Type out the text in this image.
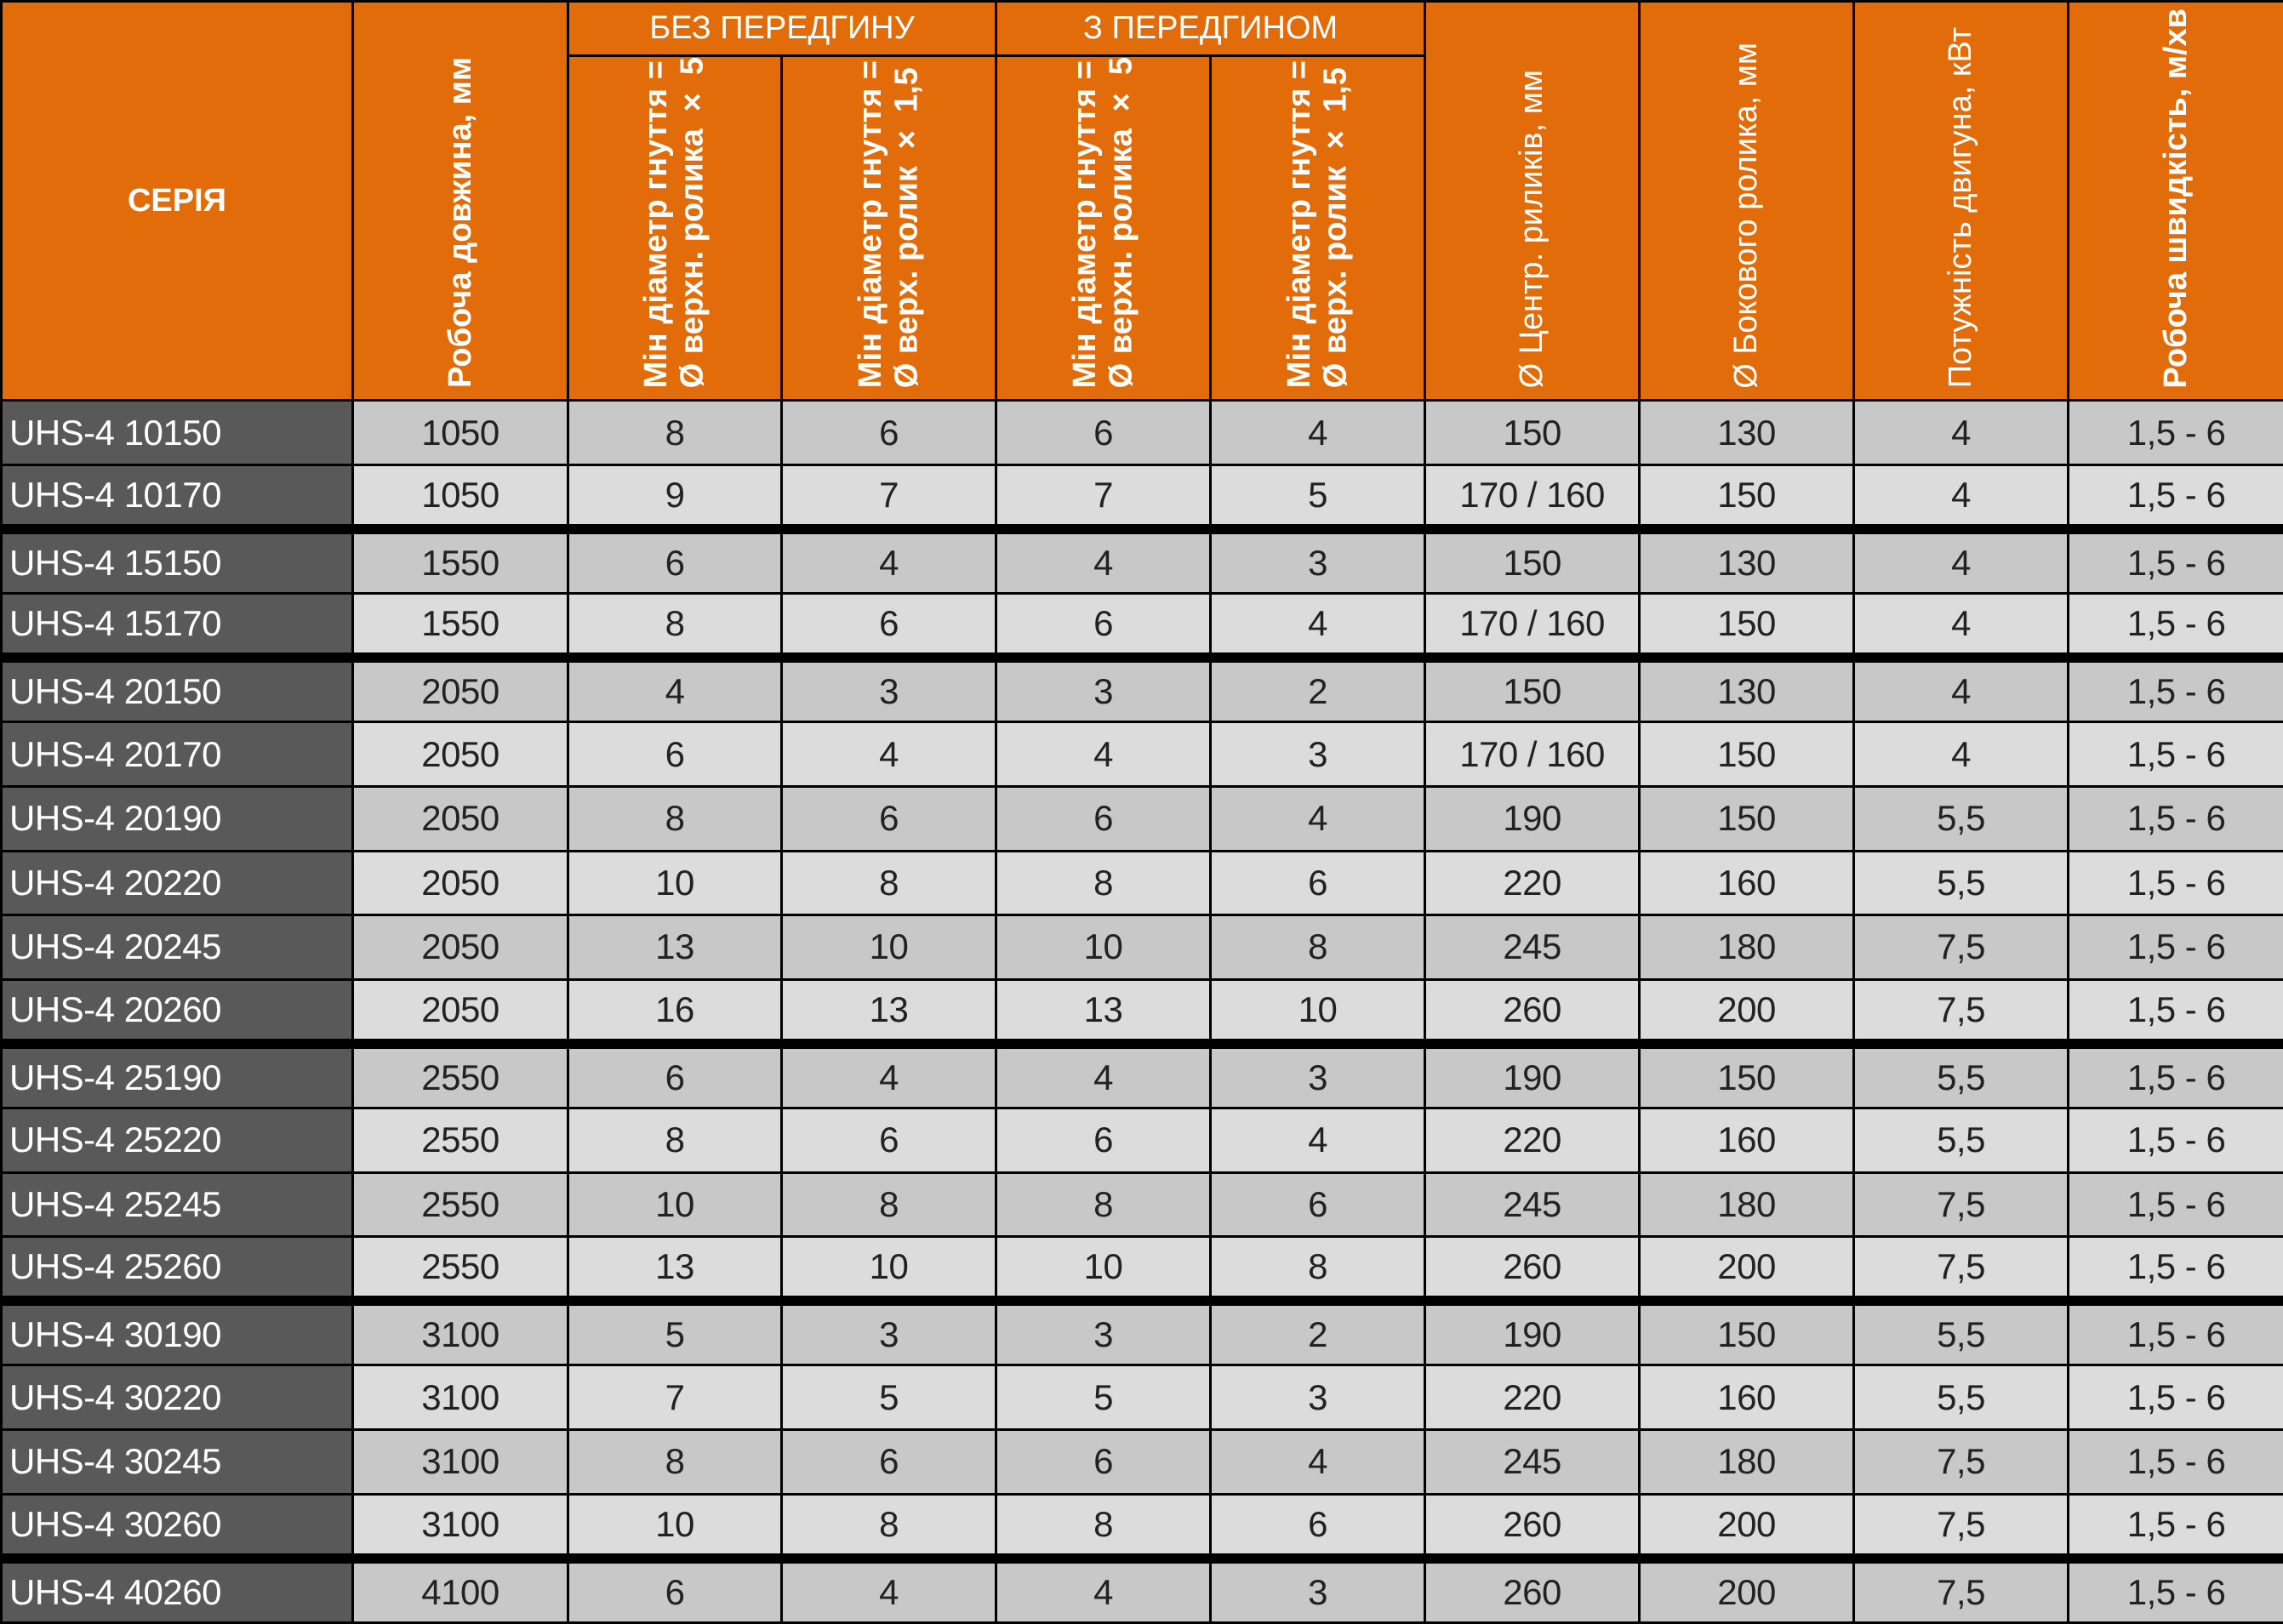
СЕРІЯ	Робоча довжина, мм	БЕЗ ПЕРЕДГИНУ		З ПЕРЕДГИНОМ		Ø Центр. риликів, мм	Ø Бокового ролика, мм	Потужність двигуна, кВт	Робоча швидкість, м/хв
		Мін діаметр гнуття =
Ø верхн. ролика × 5	Мін діаметр гнуття =
Ø верх. ролик × 1,5	Мін діаметр гнуття =
Ø верхн. ролика × 5	Мін діаметр гнуття =
Ø верх. ролик × 1,5				
UHS-4 10150	1050	8	6	6	4	150	130	4	1,5 - 6
UHS-4 10170	1050	9	7	7	5	170 / 160	150	4	1,5 - 6
UHS-4 15150	1550	6	4	4	3	150	130	4	1,5 - 6
UHS-4 15170	1550	8	6	6	4	170 / 160	150	4	1,5 - 6
UHS-4 20150	2050	4	3	3	2	150	130	4	1,5 - 6
UHS-4 20170	2050	6	4	4	3	170 / 160	150	4	1,5 - 6
UHS-4 20190	2050	8	6	6	4	190	150	5,5	1,5 - 6
UHS-4 20220	2050	10	8	8	6	220	160	5,5	1,5 - 6
UHS-4 20245	2050	13	10	10	8	245	180	7,5	1,5 - 6
UHS-4 20260	2050	16	13	13	10	260	200	7,5	1,5 - 6
UHS-4 25190	2550	6	4	4	3	190	150	5,5	1,5 - 6
UHS-4 25220	2550	8	6	6	4	220	160	5,5	1,5 - 6
UHS-4 25245	2550	10	8	8	6	245	180	7,5	1,5 - 6
UHS-4 25260	2550	13	10	10	8	260	200	7,5	1,5 - 6
UHS-4 30190	3100	5	3	3	2	190	150	5,5	1,5 - 6
UHS-4 30220	3100	7	5	5	3	220	160	5,5	1,5 - 6
UHS-4 30245	3100	8	6	6	4	245	180	7,5	1,5 - 6
UHS-4 30260	3100	10	8	8	6	260	200	7,5	1,5 - 6
UHS-4 40260	4100	6	4	4	3	260	200	7,5	1,5 - 6
